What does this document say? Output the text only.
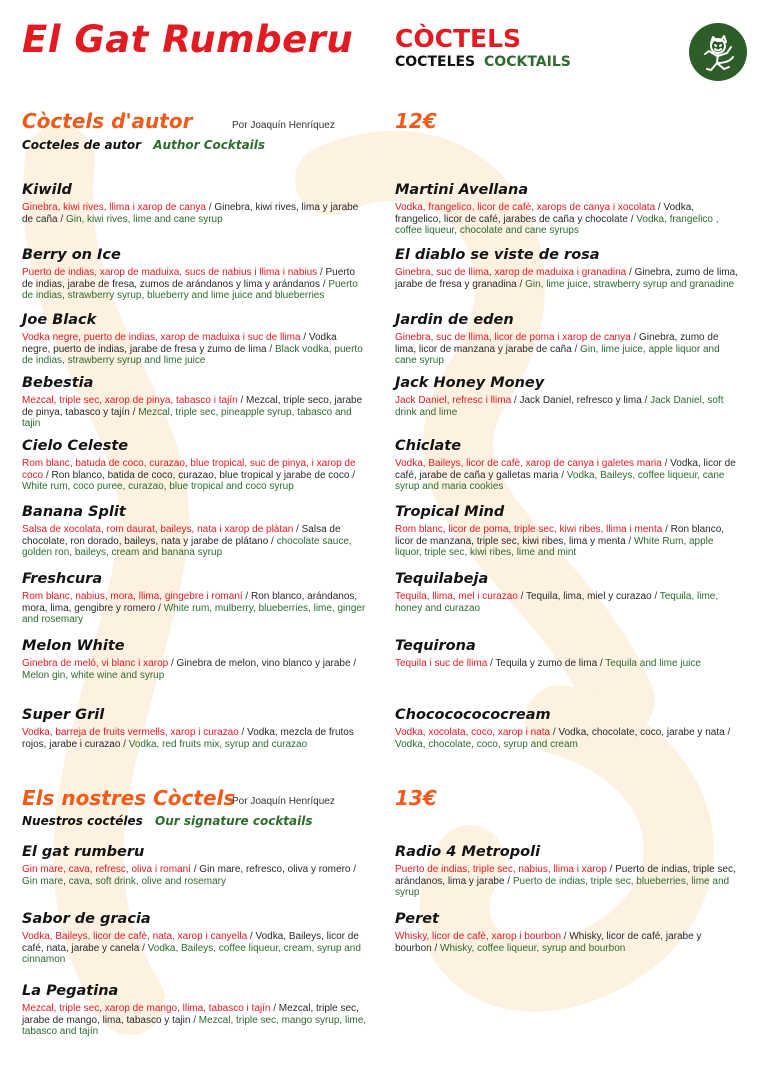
El Gat Rumberu CÒCTELS
COCTELES COCKTAILS
Còctels d'autor	Por Joaquín Henríquez
Cocteles de autor Author Cocktails
12€
Els nostres Còctels
Por Joaquín Henríquez
Nuestros coctéles Our signature cocktails
13€
Kiwild
Ginebra, kiwi rives, llima i xarop de canya / Ginebra, kiwi rives, lima y jarabe de caña / Gin, kiwi rives, lime and cane syrup
Berry on Ice
Puerto de indias, xarop de maduixa, sucs de nabius i llima i nabius / Puerto de indias, jarabe de fresa, zumos de arándanos y lima y arándanos / Puerto de indias, strawberry syrup, blueberry and lime juice and blueberries
Joe Black
Vodka negre, puerto de indias, xarop de maduixa i suc de llima / Vodka negre, puerto de indias, jarabe de fresa y zumo de lima / Black vodka, puerto de indias, strawberry syrup and lime juice
Bebestia
Mezcal, triple sec, xarop de pinya, tabasco i tajín / Mezcal, triple seco, jarabe de pinya, tabasco y tajín / Mezcal, triple sec, pineapple syrup, tabasco and tajin
Cielo Celeste
Rom blanc, batuda de coco, curazao, blue tropical, suc de pinya, i xarop de coco / Ron blanco, batida de coco, curazao, blue tropical y jarabe de coco / White rum, coco puree, curazao, blue tropical and coco syrup
Banana Split
Salsa de xocolata, rom daurat, baileys, nata i xarop de plàtan / Salsa de chocolate, ron dorado, baileys, nata y jarabe de plátano / chocolate sauce, golden ron, baileys, cream and banana syrup
Freshcura
Rom blanc, nabius, mora, llima, gingebre i romaní / Ron blanco, arándanos, mora, lima, gengibre y romero / White rum, mulberry, blueberries, lime, ginger and rosemary
Melon White
Ginebra de meló, vi blanc i xarop / Ginebra de melon, vino blanco y jarabe / Melon gin, white wine and syrup
Super Gril
Vodka, barreja de fruits vermells, xarop i curazao / Vodka, mezcla de frutos rojos, jarabe i curazao / Vodka, red fruits mix, syrup and curazao
Martini Avellana
Vodka, frangelico, licor de cafè, xarops de canya i xocolata / Vodka, frangelico, licor de café, jarabes de caña y chocolate / Vodka, frangelico , coffee liqueur, chocolate and cane syrups
El diablo se viste de rosa
Ginebra, suc de llima, xarop de maduixa i granadina / Ginebra, zumo de lima, jarabe de fresa y granadina / Gin, lime juice, strawberry syrup and granadine
Jardin de eden
Ginebra, suc de llima, licor de poma i xarop de canya / Ginebra, zumo de lima, licor de manzana y jarabe de caña / Gin, lime juice, apple liquor and cane syrup
Jack Honey Money
Jack Daniel, refresc i llima / Jack Daniel, refresco y lima / Jack Daniel, soft drink and lime
Chiclate
Vodka, Baileys, licor de cafè, xarop de canya i galetes maria / Vodka, licor de café, jarabe de caña y galletas maria / Vodka, Baileys, coffee liqueur, cane syrup and maria cookies
Tropical Mind
Rom blanc, licor de poma, triple sec, kiwi ribes, llima i menta / Ron blanco, licor de manzana, triple sec, kiwi ribes, lima y menta / White Rum, apple liquor, triple sec, kiwi ribes, lime and mint
Tequilabeja
Tequila, llima, mel i curazao / Tequila, lima, miel y curazao / Tequila, lime, honey and curazao
Tequirona
Tequila i suc de llima / Tequila y zumo de lima / Tequila and lime juice
Chocococococream
Vodka, xocolata, coco, xarop i nata / Vodka, chocolate, coco, jarabe y nata / Vodka, chocolate, coco, syrup and cream
El gat rumberu
Gin mare, cava, refresc, oliva i romaní / Gin mare, refresco, oliva y romero / Gin mare, cava, soft drink, olive and rosemary
Sabor de gracia
Vodka, Baileys, licor de cafè, nata, xarop i canyella / Vodka, Baileys, licor de café, nata, jarabe y canela / Vodka, Baileys, coffee liqueur, cream, syrup and cinnamon
La Pegatina
Mezcal, triple sec, xarop de mango, llima, tabasco i tajín / Mezcal, triple sec, jarabe de mango, lima, tabasco y tajin / Mezcal, triple sec, mango syrup, lime, tabasco and tajín
Radio 4 Metropoli
Puerto de indias, triple sec, nabius, llima i xarop / Puerto de indias, triple sec, arándanos, lima y jarabe / Puerto de indias, triple sec, blueberries, lime and syrup
Peret
Whisky, licor de cafè, xarop i bourbon / Whisky, licor de café, jarabe y bourbon / Whisky, coffee liqueur, syrup and bourbon
